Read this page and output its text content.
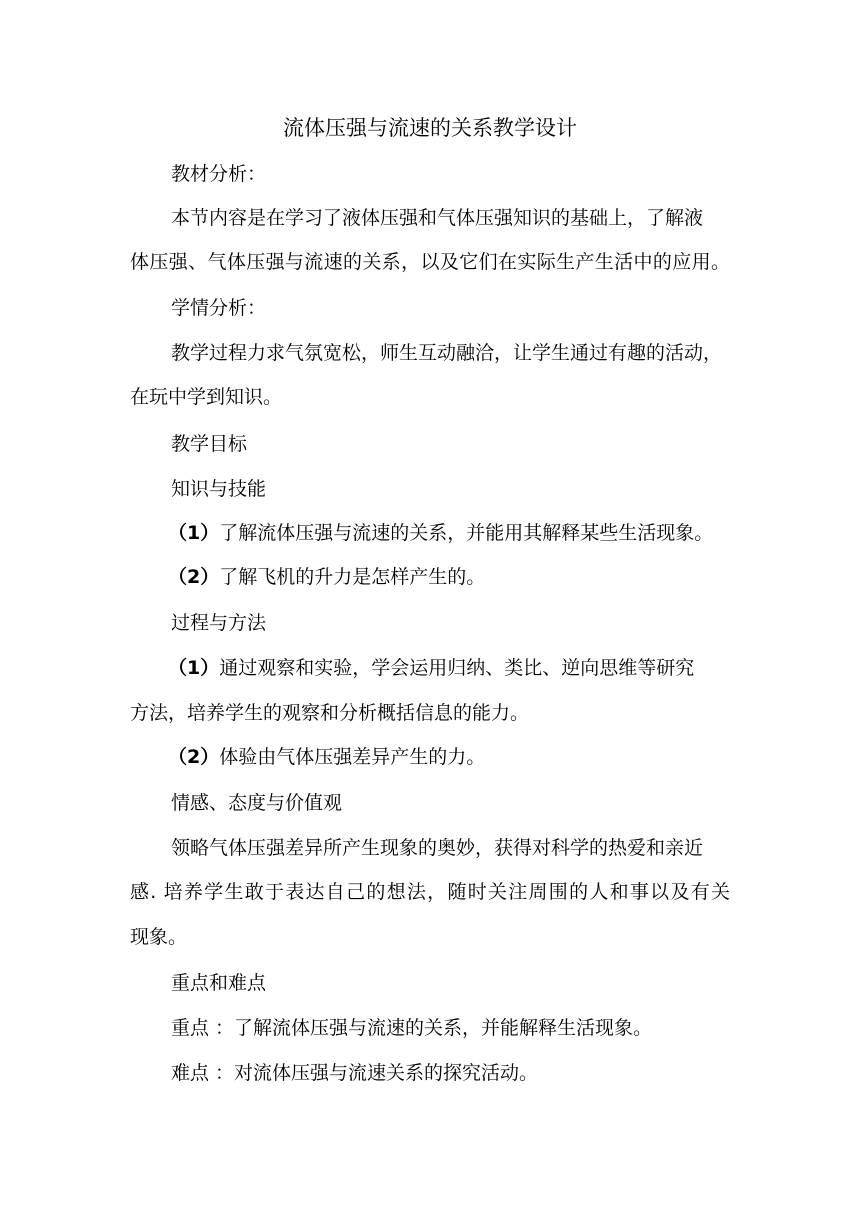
流体压强与流速的关系教学设计
教材分析：
本节内容是在学习了液体压强和气体压强知识的基础上，了解液
体压强、气体压强与流速的关系，以及它们在实际生产生活中的应用。
学情分析：
教学过程力求气氛宽松，师生互动融洽，让学生通过有趣的活动，
在玩中学到知识。
教学目标
知识与技能
（1）了解流体压强与流速的关系，并能用其解释某些生活现象。
（2）了解飞机的升力是怎样产生的。
过程与方法
（1）通过观察和实验，学会运用归纳、类比、逆向思维等研究
方法，培养学生的观察和分析概括信息的能力。
（2）体验由气体压强差异产生的力。
情感、态度与价值观
领略气体压强差异所产生现象的奥妙，获得对科学的热爱和亲近
感. 培养学生敢于表达自己的想法，随时关注周围的人和事以及有关
现象。
重点和难点
重点 ：了解流体压强与流速的关系，并能解释生活现象。
难点 ：对流体压强与流速关系的探究活动。
